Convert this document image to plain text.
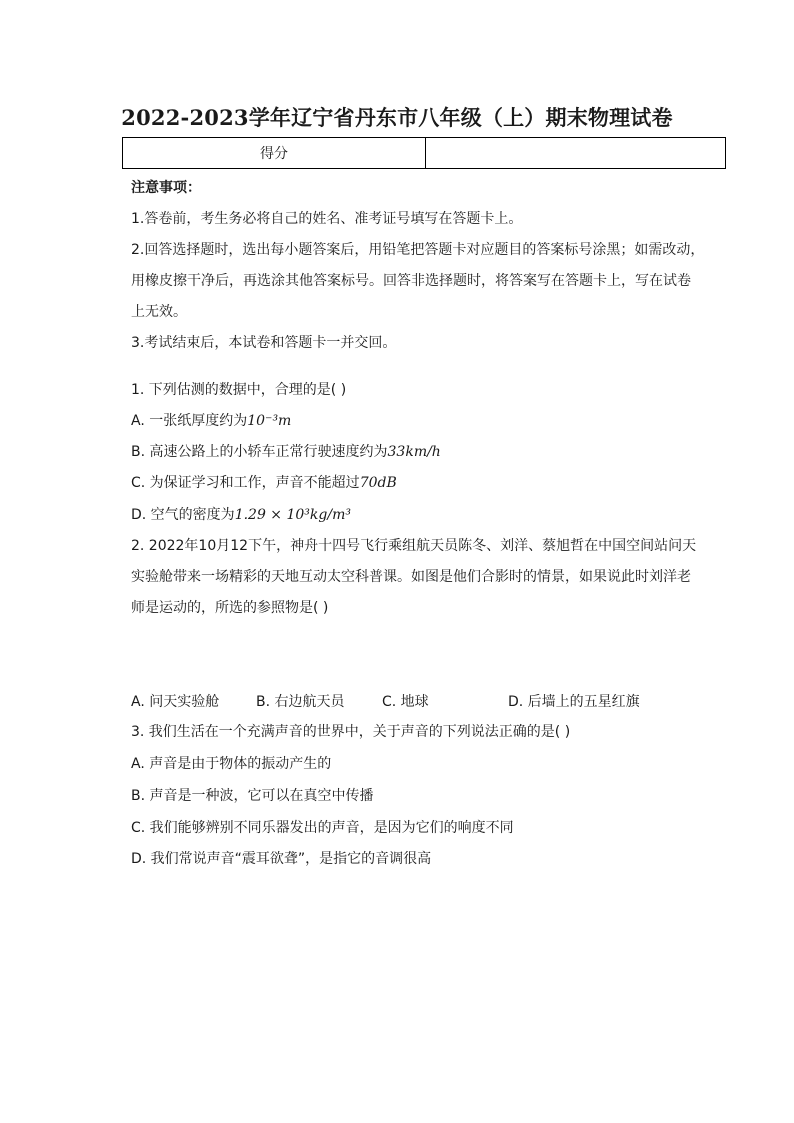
2022-2023学年辽宁省丹东市八年级（上）期末物理试卷
得分	
注意事项：
1.答卷前，考生务必将自己的姓名、准考证号填写在答题卡上。
2.回答选择题时，选出每小题答案后，用铅笔把答题卡对应题目的答案标号涂黑；如需改动，
用橡皮擦干净后，再选涂其他答案标号。回答非选择题时，将答案写在答题卡上，写在试卷
上无效。
3.考试结束后，本试卷和答题卡一并交回。
1. 下列估测的数据中，合理的是( )
A. 一张纸厚度约为10⁻³m
B. 高速公路上的小轿车正常行驶速度约为33km/h
C. 为保证学习和工作，声音不能超过70dB
D. 空气的密度为1.29 × 10³kg/m³
2. 2022年10月12下午，神舟十四号飞行乘组航天员陈冬、刘洋、蔡旭哲在中国空间站问天
实验舱带来一场精彩的天地互动太空科普课。如图是他们合影时的情景，如果说此时刘洋老
师是运动的，所选的参照物是( )
A. 问天实验舱	B. 右边航天员	C. 地球	D. 后墙上的五星红旗
3. 我们生活在一个充满声音的世界中，关于声音的下列说法正确的是( )
A. 声音是由于物体的振动产生的
B. 声音是一种波，它可以在真空中传播
C. 我们能够辨别不同乐器发出的声音，是因为它们的响度不同
D. 我们常说声音“震耳欲聋”，是指它的音调很高
